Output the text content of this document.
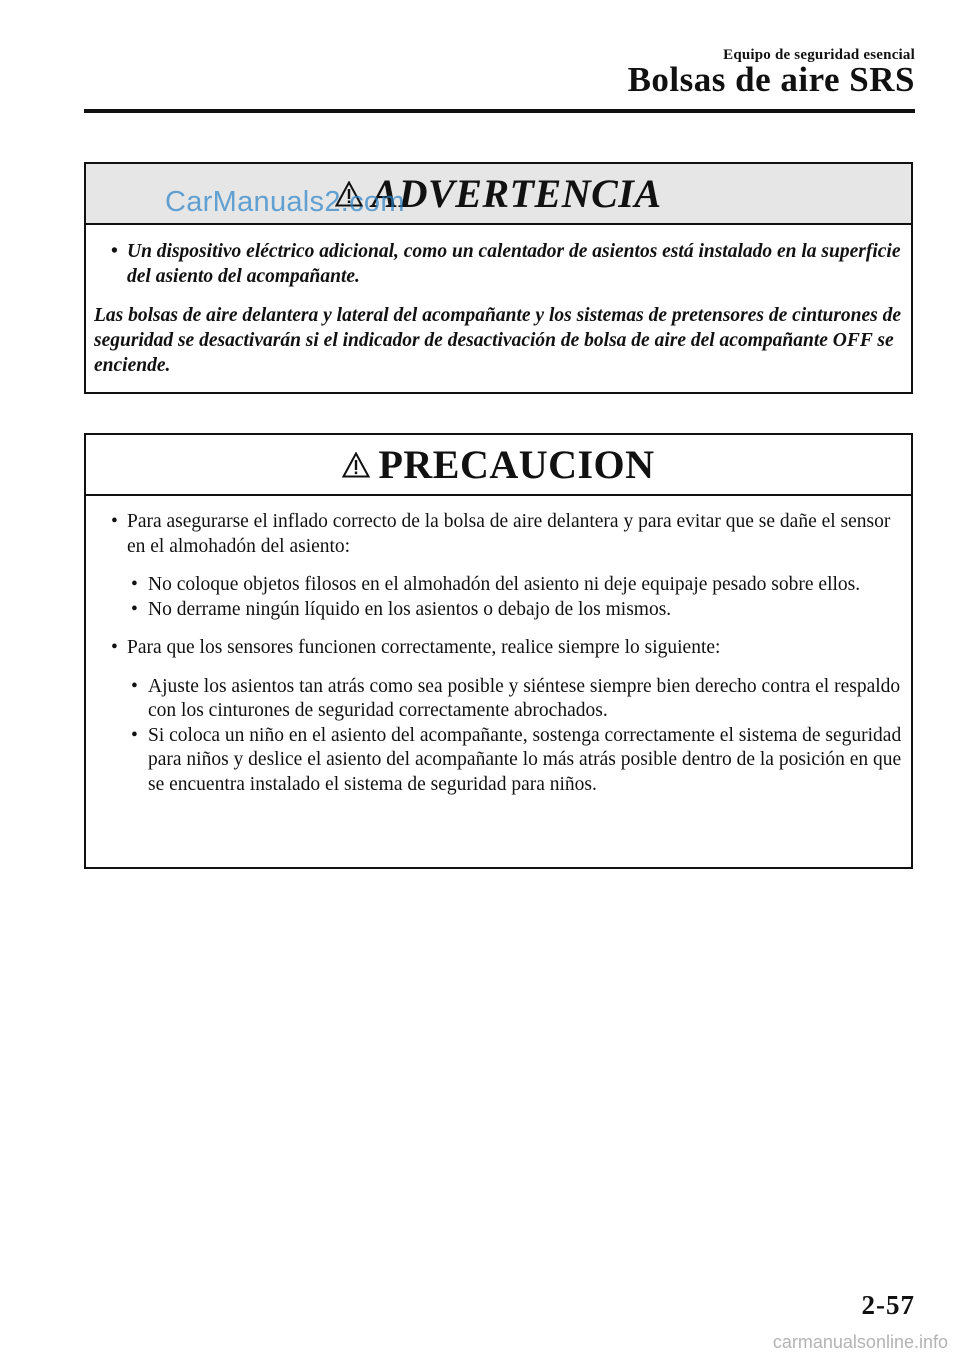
Equipo de seguridad esencial
Bolsas de aire SRS
ADVERTENCIA
• Un dispositivo eléctrico adicional, como un calentador de asientos está instalado en la superficie del asiento del acompañante.
Las bolsas de aire delantera y lateral del acompañante y los sistemas de pretensores de cinturones de seguridad se desactivarán si el indicador de desactivación de bolsa de aire del acompañante OFF se enciende.
CarManuals2.com
PRECAUCION
• Para asegurarse el inflado correcto de la bolsa de aire delantera y para evitar que se dañe el sensor en el almohadón del asiento:
• No coloque objetos filosos en el almohadón del asiento ni deje equipaje pesado sobre ellos.
• No derrame ningún líquido en los asientos o debajo de los mismos.
• Para que los sensores funcionen correctamente, realice siempre lo siguiente:
• Ajuste los asientos tan atrás como sea posible y siéntese siempre bien derecho contra el respaldo con los cinturones de seguridad correctamente abrochados.
• Si coloca un niño en el asiento del acompañante, sostenga correctamente el sistema de seguridad para niños y deslice el asiento del acompañante lo más atrás posible dentro de la posición en que se encuentra instalado el sistema de seguridad para niños.
2-57
carmanualsonline.info
